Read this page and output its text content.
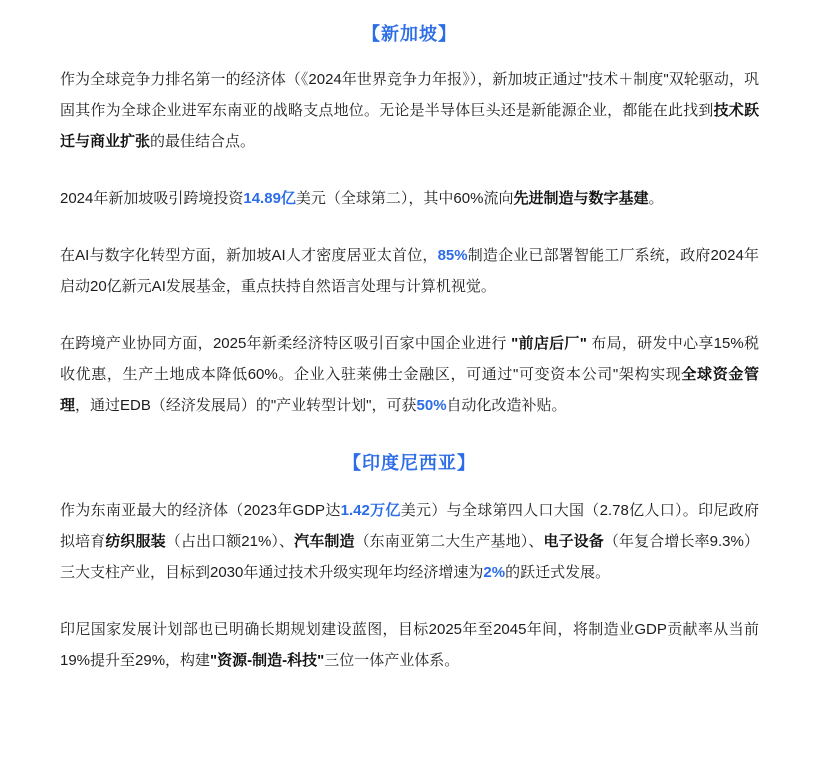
【新加坡】

作为全球竞争力排名第一的经济体（《2024年世界竞争力年报》），新加坡正通过"技术＋制度"双轮驱动，巩固其作为全球企业进军东南亚的战略支点地位。无论是半导体巨头还是新能源企业，都能在此找到技术跃迁与商业扩张的最佳结合点。

2024年新加坡吸引跨境投资14.89亿美元（全球第二），其中60%流向先进制造与数字基建。

在AI与数字化转型方面，新加坡AI人才密度居亚太首位，85%制造企业已部署智能工厂系统，政府2024年启动20亿新元AI发展基金，重点扶持自然语言处理与计算机视觉。

在跨境产业协同方面，2025年新柔经济特区吸引百家中国企业进行 "前店后厂" 布局，研发中心享15%税收优惠，生产土地成本降低60%。企业入驻莱佛士金融区，可通过"可变资本公司"架构实现全球资金管理，通过EDB（经济发展局）的"产业转型计划"，可获50%自动化改造补贴。

【印度尼西亚】

作为东南亚最大的经济体（2023年GDP达1.42万亿美元）与全球第四人口大国（2.78亿人口）。印尼政府拟培育纺织服装（占出口额21%）、汽车制造（东南亚第二大生产基地）、电子设备（年复合增长率9.3%）三大支柱产业，目标到2030年通过技术升级实现年均经济增速为2%的跃迁式发展。

印尼国家发展计划部也已明确长期规划建设蓝图，目标2025年至2045年间，将制造业GDP贡献率从当前19%提升至29%，构建"资源-制造-科技"三位一体产业体系。
